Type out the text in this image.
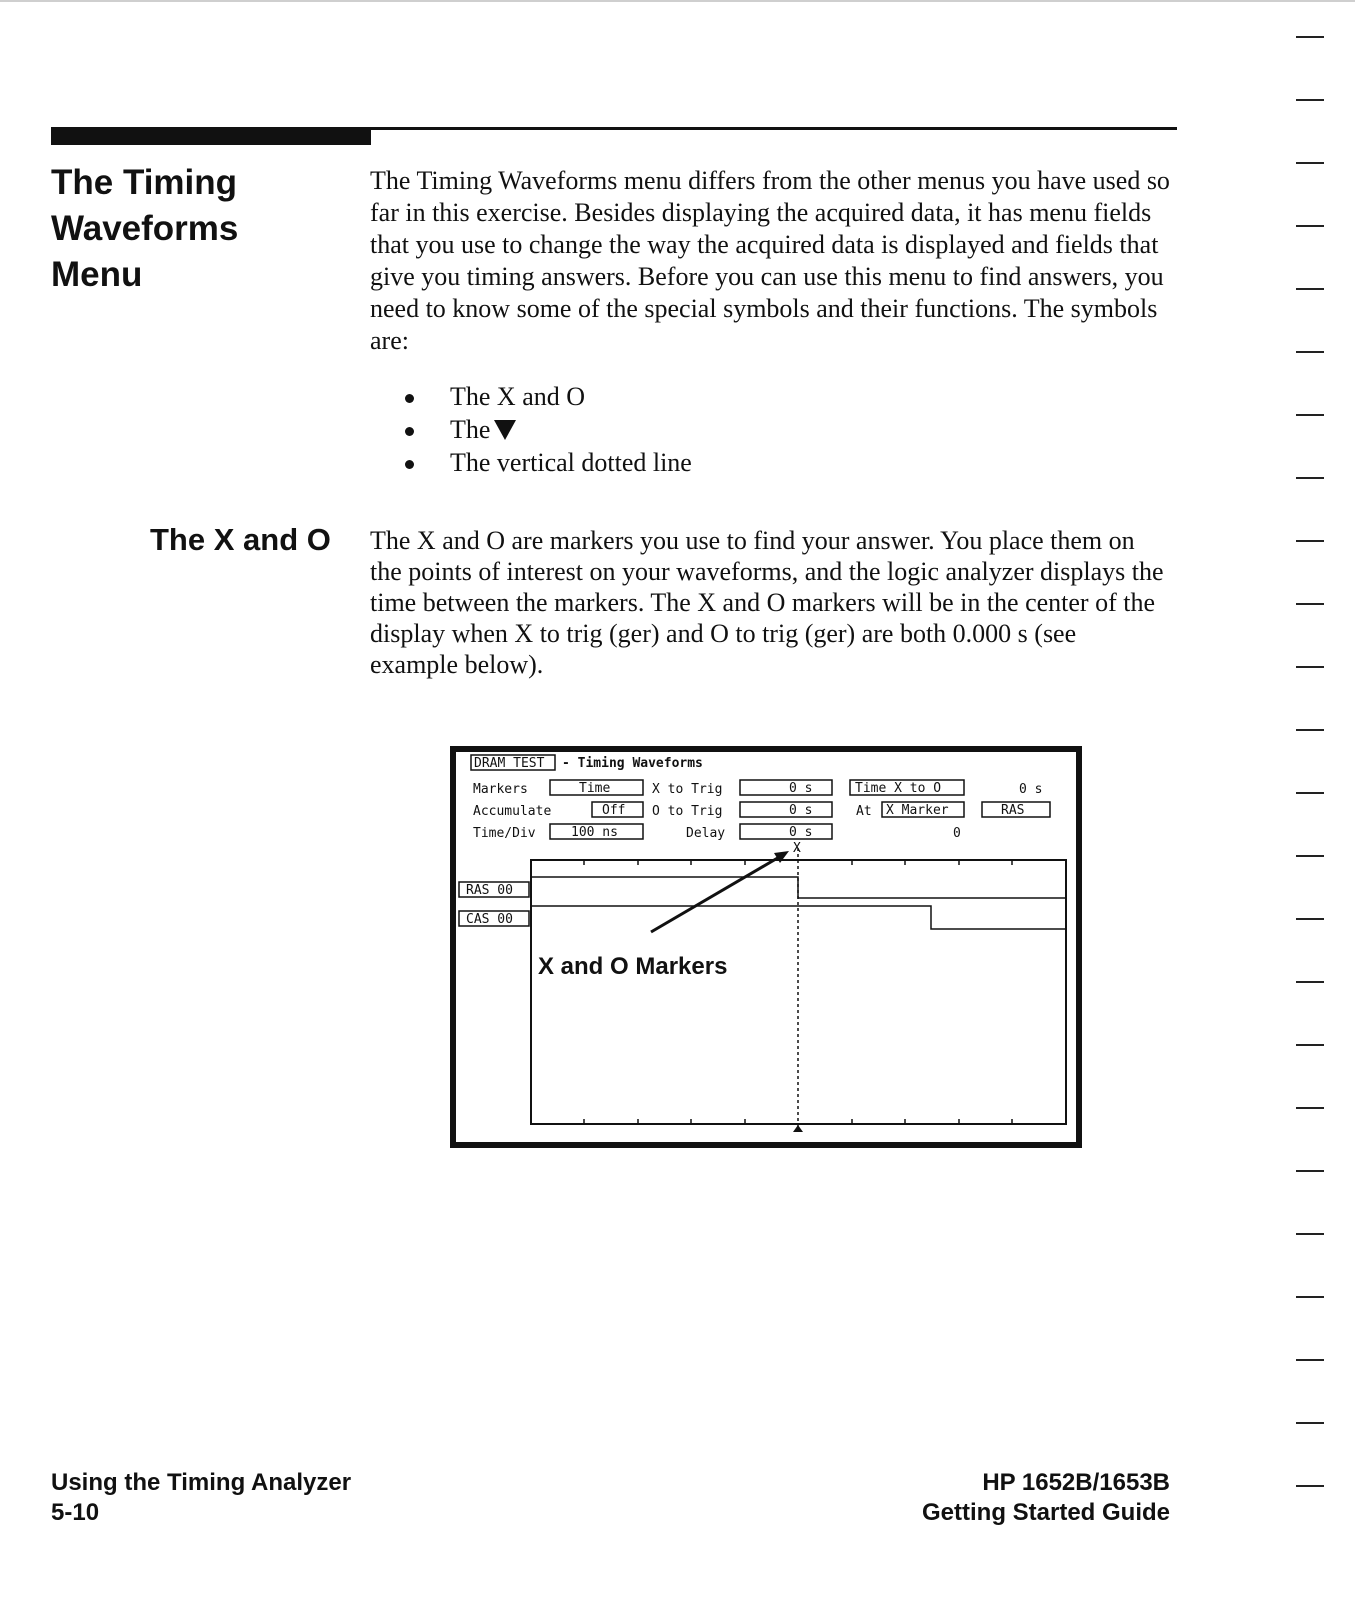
The Timing
Waveforms
Menu
The Timing Waveforms menu differs from the other menus you have used so far in this exercise. Besides displaying the acquired data, it has menu fields that you use to change the way the acquired data is displayed and fields that give you timing answers. Before you can use this menu to find answers, you need to know some of the special symbols and their functions. The symbols are:
The X and O
The
The vertical dotted line
The X and O	The X and O are markers you use to find your answer. You place them on the points of interest on your waveforms, and the logic analyzer displays the time between the markers. The X and O markers will be in the center of the display when X to trig (ger) and O to trig (ger) are both 0.000 s (see example below).
DRAM TEST - Timing Waveforms
Markers	Time	X to Trig	0 s	Time X to O	0 s
Accumulate	Off O to Trig	0 s	At X Marker	RAS
Time/Div	100 ns	Delay	0 s	0
RAS 00
CAS 00
X
X and O Markers
Using the Timing Analyzer
5-10
HP 1652B/1653B
Getting Started Guide
